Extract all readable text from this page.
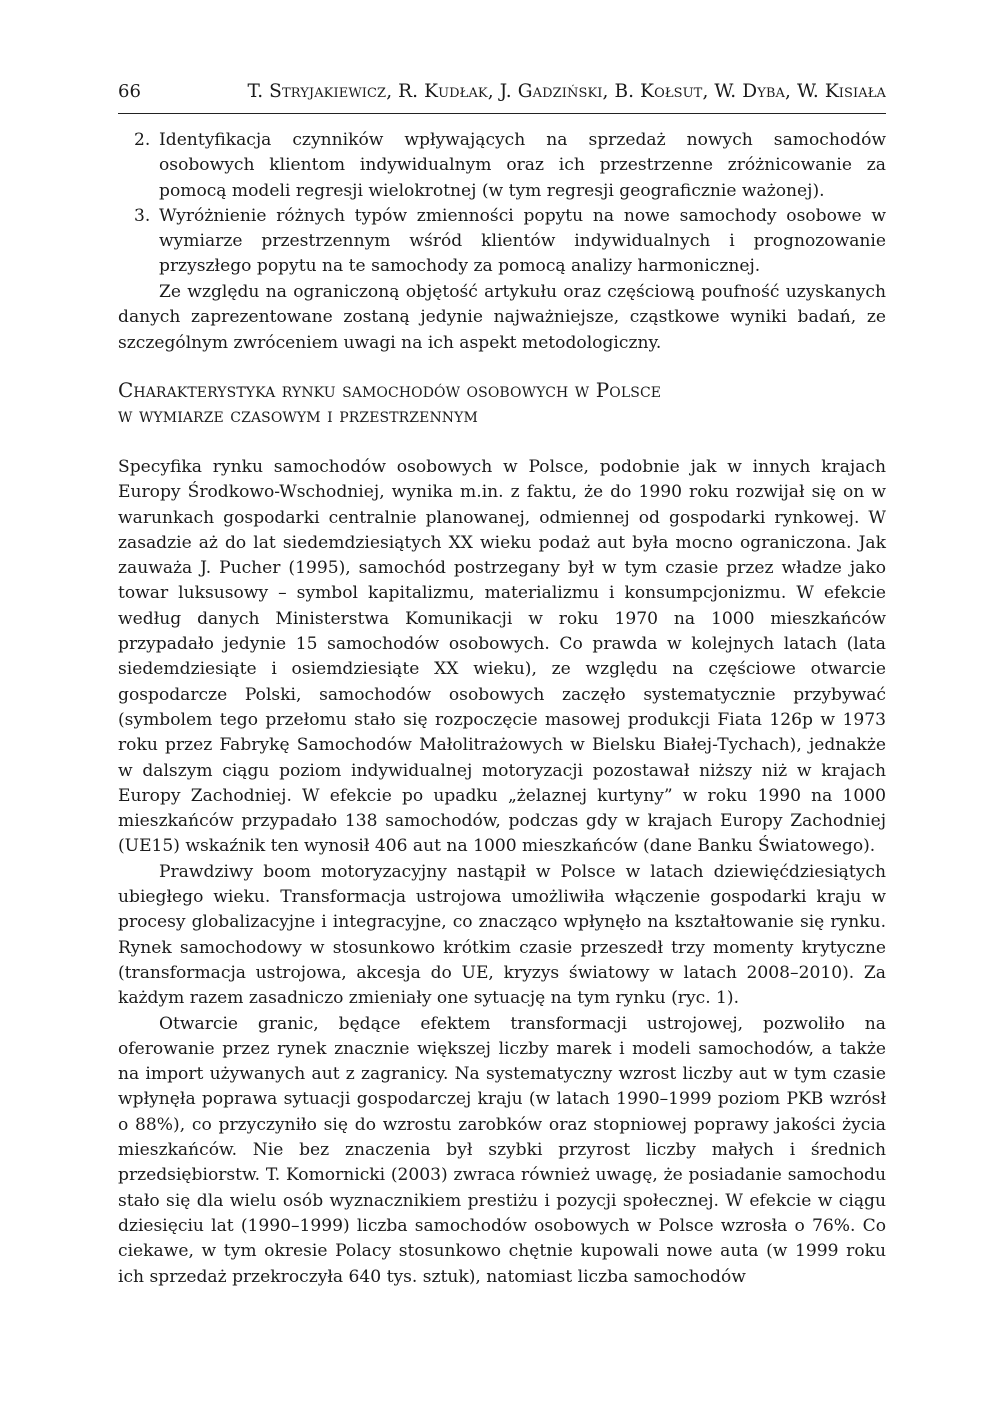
66	T. Stryjakiewicz, R. Kudłak, J. Gadziński, B. Kołsut, W. Dyba, W. Kisiała
2. Identyfikacja czynników wpływających na sprzedaż nowych samochodów osobowych klientom indywidualnym oraz ich przestrzenne zróżnicowanie za pomocą modeli regresji wielokrotnej (w tym regresji geograficznie ważonej).
3. Wyróżnienie różnych typów zmienności popytu na nowe samochody osobowe w wymiarze przestrzennym wśród klientów indywidualnych i prognozowanie przyszłego popytu na te samochody za pomocą analizy harmonicznej.

Ze względu na ograniczoną objętość artykułu oraz częściową poufność uzyskanych danych zaprezentowane zostaną jedynie najważniejsze, cząstkowe wyniki badań, ze szczególnym zwróceniem uwagi na ich aspekt metodologiczny.

Charakterystyka rynku samochodów osobowych w Polsce
w wymiarze czasowym i przestrzennym

Specyfika rynku samochodów osobowych w Polsce, podobnie jak w innych krajach Europy Środkowo-Wschodniej, wynika m.in. z faktu, że do 1990 roku rozwijał się on w warunkach gospodarki centralnie planowanej, odmiennej od gospodarki rynkowej. W zasadzie aż do lat siedemdziesiątych XX wieku podaż aut była mocno ograniczona. Jak zauważa J. Pucher (1995), samochód postrzegany był w tym czasie przez władze jako towar luksusowy – symbol kapitalizmu, materializmu i konsumpcjonizmu. W efekcie według danych Ministerstwa Komunikacji w roku 1970 na 1000 mieszkańców przypadało jedynie 15 samochodów osobowych. Co prawda w kolejnych latach (lata siedemdziesiąte i osiemdziesiąte XX wieku), ze względu na częściowe otwarcie gospodarcze Polski, samochodów osobowych zaczęło systematycznie przybywać (symbolem tego przełomu stało się rozpoczęcie masowej produkcji Fiata 126p w 1973 roku przez Fabrykę Samochodów Małolitrażowych w Bielsku Białej-Tychach), jednakże w dalszym ciągu poziom indywidualnej motoryzacji pozostawał niższy niż w krajach Europy Zachodniej. W efekcie po upadku „żelaznej kurtyny” w roku 1990 na 1000 mieszkańców przypadało 138 samochodów, podczas gdy w krajach Europy Zachodniej (UE15) wskaźnik ten wynosił 406 aut na 1000 mieszkańców (dane Banku Światowego).

Prawdziwy boom motoryzacyjny nastąpił w Polsce w latach dziewięćdziesiątych ubiegłego wieku. Transformacja ustrojowa umożliwiła włączenie gospodarki kraju w procesy globalizacyjne i integracyjne, co znacząco wpłynęło na kształtowanie się rynku. Rynek samochodowy w stosunkowo krótkim czasie przeszedł trzy momenty krytyczne (transformacja ustrojowa, akcesja do UE, kryzys światowy w latach 2008–2010). Za każdym razem zasadniczo zmieniały one sytuację na tym rynku (ryc. 1).

Otwarcie granic, będące efektem transformacji ustrojowej, pozwoliło na oferowanie przez rynek znacznie większej liczby marek i modeli samochodów, a także na import używanych aut z zagranicy. Na systematyczny wzrost liczby aut w tym czasie wpłynęła poprawa sytuacji gospodarczej kraju (w latach 1990–1999 poziom PKB wzrósł o 88%), co przyczyniło się do wzrostu zarobków oraz stopniowej poprawy jakości życia mieszkańców. Nie bez znaczenia był szybki przyrost liczby małych i średnich przedsiębiorstw. T. Komornicki (2003) zwraca również uwagę, że posiadanie samochodu stało się dla wielu osób wyznacznikiem prestiżu i pozycji społecznej. W efekcie w ciągu dziesięciu lat (1990–1999) liczba samochodów osobowych w Polsce wzrosła o 76%. Co ciekawe, w tym okresie Polacy stosunkowo chętnie kupowali nowe auta (w 1999 roku ich sprzedaż przekroczyła 640 tys. sztuk), natomiast liczba samochodów
